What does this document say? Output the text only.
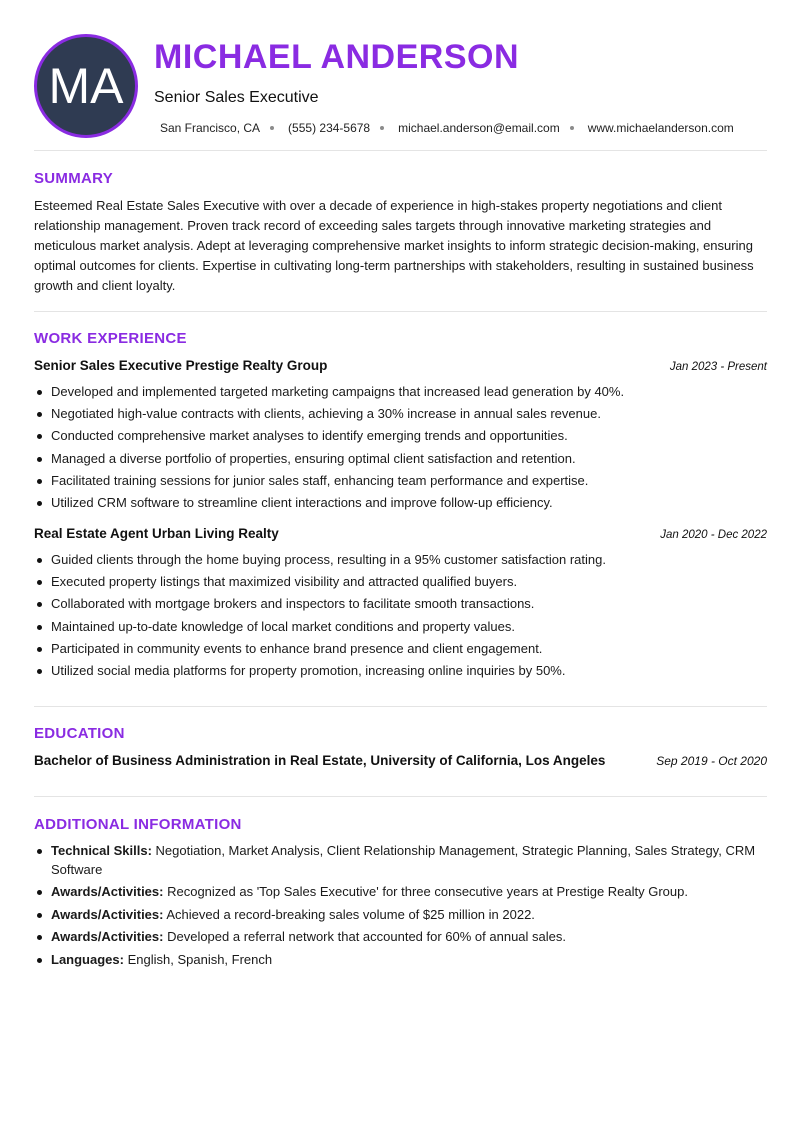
MA
MICHAEL ANDERSON
Senior Sales Executive
San Francisco, CA (555) 234-5678 michael.anderson@email.com www.michaelanderson.com
SUMMARY
Esteemed Real Estate Sales Executive with over a decade of experience in high-stakes property negotiations and client relationship management. Proven track record of exceeding sales targets through innovative marketing strategies and meticulous market analysis. Adept at leveraging comprehensive market insights to inform strategic decision-making, ensuring optimal outcomes for clients. Expertise in cultivating long-term partnerships with stakeholders, resulting in sustained business growth and client loyalty.
WORK EXPERIENCE
Senior Sales Executive Prestige Realty Group	Jan 2023 - Present
Developed and implemented targeted marketing campaigns that increased lead generation by 40%.
Negotiated high-value contracts with clients, achieving a 30% increase in annual sales revenue.
Conducted comprehensive market analyses to identify emerging trends and opportunities.
Managed a diverse portfolio of properties, ensuring optimal client satisfaction and retention.
Facilitated training sessions for junior sales staff, enhancing team performance and expertise.
Utilized CRM software to streamline client interactions and improve follow-up efficiency.
Real Estate Agent Urban Living Realty	Jan 2020 - Dec 2022
Guided clients through the home buying process, resulting in a 95% customer satisfaction rating.
Executed property listings that maximized visibility and attracted qualified buyers.
Collaborated with mortgage brokers and inspectors to facilitate smooth transactions.
Maintained up-to-date knowledge of local market conditions and property values.
Participated in community events to enhance brand presence and client engagement.
Utilized social media platforms for property promotion, increasing online inquiries by 50%.
EDUCATION
Bachelor of Business Administration in Real Estate, University of California, Los Angeles	Sep 2019 - Oct 2020
ADDITIONAL INFORMATION
Technical Skills: Negotiation, Market Analysis, Client Relationship Management, Strategic Planning, Sales Strategy, CRM Software
Awards/Activities: Recognized as 'Top Sales Executive' for three consecutive years at Prestige Realty Group.
Awards/Activities: Achieved a record-breaking sales volume of $25 million in 2022.
Awards/Activities: Developed a referral network that accounted for 60% of annual sales.
Languages: English, Spanish, French
